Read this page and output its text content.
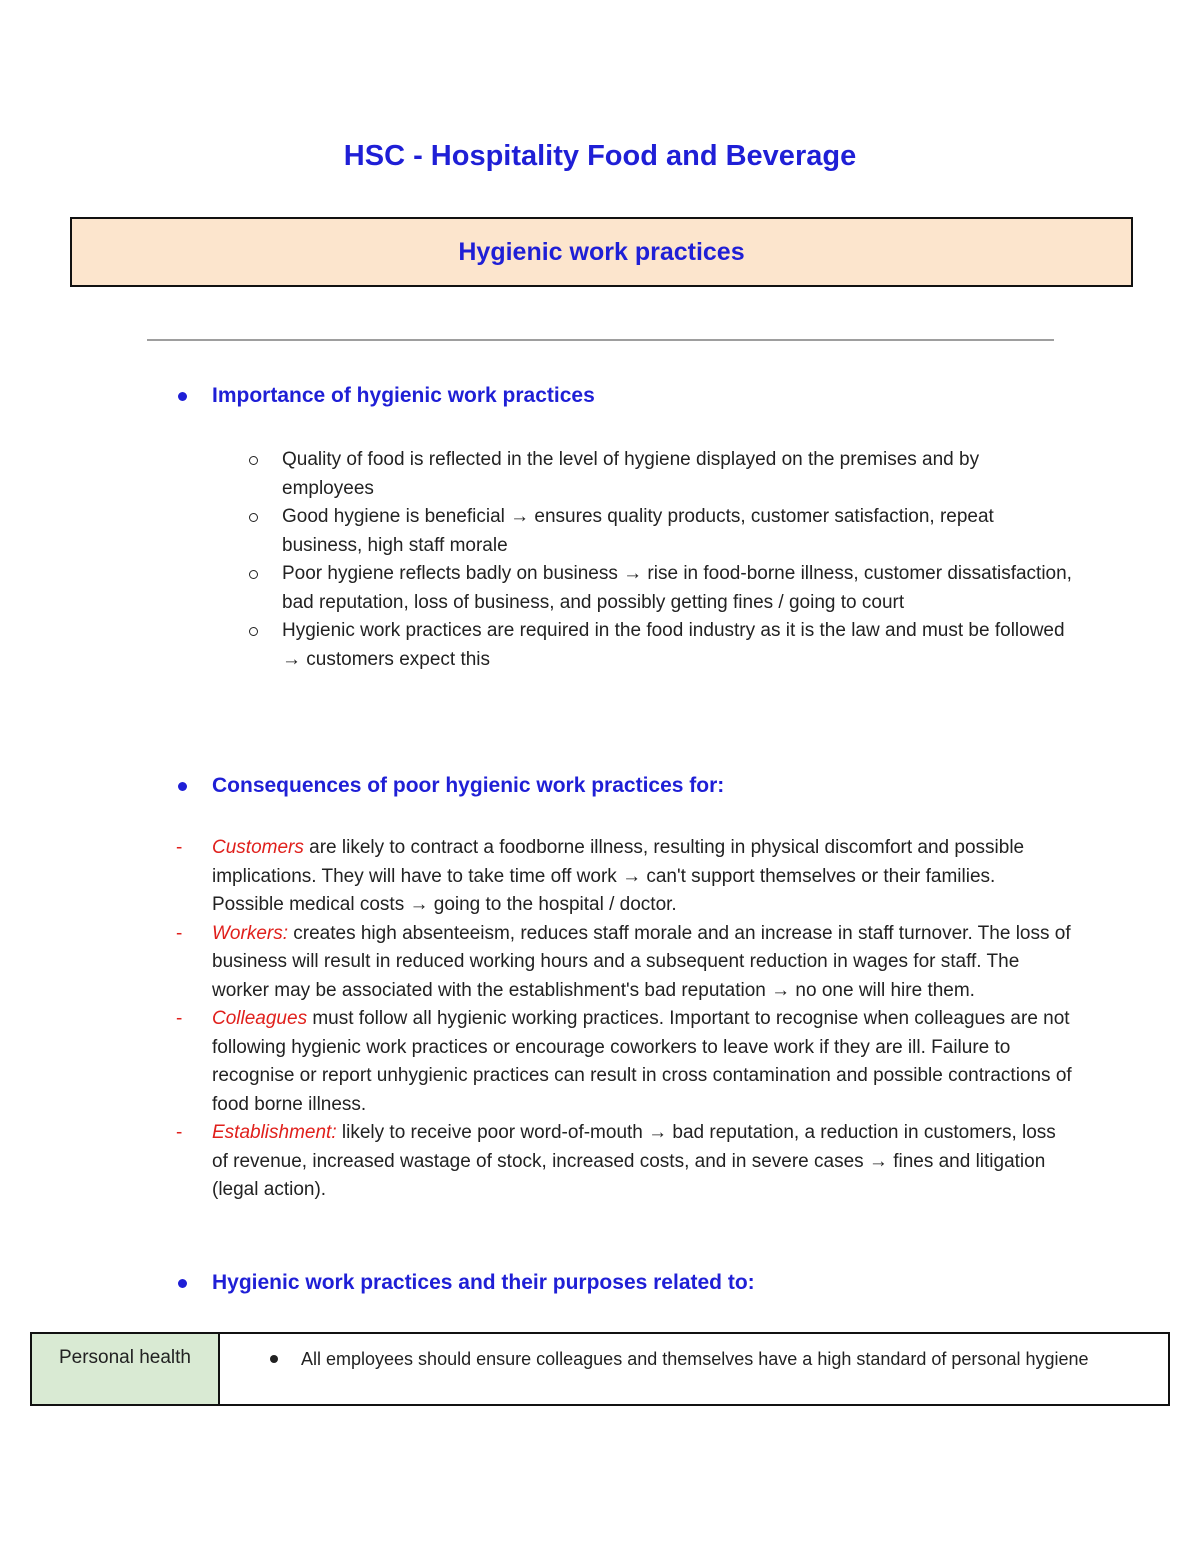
HSC - Hospitality Food and Beverage
Hygienic work practices
Importance of hygienic work practices
Quality of food is reflected in the level of hygiene displayed on the premises and by employees
Good hygiene is beneficial → ensures quality products, customer satisfaction, repeat business, high staff morale
Poor hygiene reflects badly on business → rise in food-borne illness, customer dissatisfaction, bad reputation, loss of business, and possibly getting fines / going to court
Hygienic work practices are required in the food industry as it is the law and must be followed → customers expect this
Consequences of poor hygienic work practices for:
- Customers are likely to contract a foodborne illness, resulting in physical discomfort and possible implications. They will have to take time off work → can't support themselves or their families. Possible medical costs → going to the hospital / doctor.
- Workers: creates high absenteeism, reduces staff morale and an increase in staff turnover. The loss of business will result in reduced working hours and a subsequent reduction in wages for staff. The worker may be associated with the establishment's bad reputation → no one will hire them.
- Colleagues must follow all hygienic working practices. Important to recognise when colleagues are not following hygienic work practices or encourage coworkers to leave work if they are ill. Failure to recognise or report unhygienic practices can result in cross contamination and possible contractions of food borne illness.
- Establishment: likely to receive poor word-of-mouth → bad reputation, a reduction in customers, loss of revenue, increased wastage of stock, increased costs, and in severe cases → fines and litigation (legal action).
Hygienic work practices and their purposes related to:
Personal health	All employees should ensure colleagues and themselves have a high standard of personal hygiene
